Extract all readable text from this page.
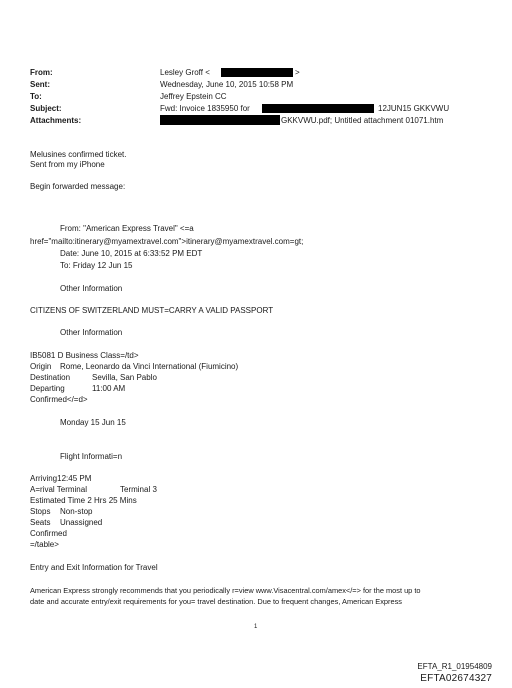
From:	Lesley Groff <	>
Sent:	Wednesday, June 10, 2015 10:58 PM
To:	Jeffrey Epstein CC
Subject:	Fwd: Invoice 1835950 for	12JUN15 GKKVWU
Attachments:	GKKVWU.pdf; Untitled attachment 01071.htm
Melusines confirmed ticket.
Sent from my iPhone
Begin forwarded message:
From: "American Express Travel" <=a
href="mailto:itinerary@myamextravel.com">itinerary@myamextravel.com=gt;
Date: June 10, 2015 at 6:33:52 PM EDT
To: Friday 12 Jun 15
Other Information
CITIZENS OF SWITZERLAND MUST=CARRY A VALID PASSPORT
Other Information
IB5081 D Business Class=/td>
Origin Rome, Leonardo da Vinci International (Fiumicino)
Destination	Sevilla, San Pablo
Departing	11:00 AM
Confirmed</=d>
Monday 15 Jun 15
Flight Informati=n
Arriving12:45 PM
A=rival Terminal	Terminal 3
Estimated Time 2 Hrs 25 Mins
Stops Non-stop
Seats Unassigned
Confirmed
=/table>
Entry and Exit Information for Travel
American Express strongly recommends that you periodically r=view www.Visacentral.com/amex</=> for the most up to
date and accurate entry/exit requirements for you= travel destination. Due to frequent changes, American Express
1
EFTA_R1_01954809
EFTA02674327
